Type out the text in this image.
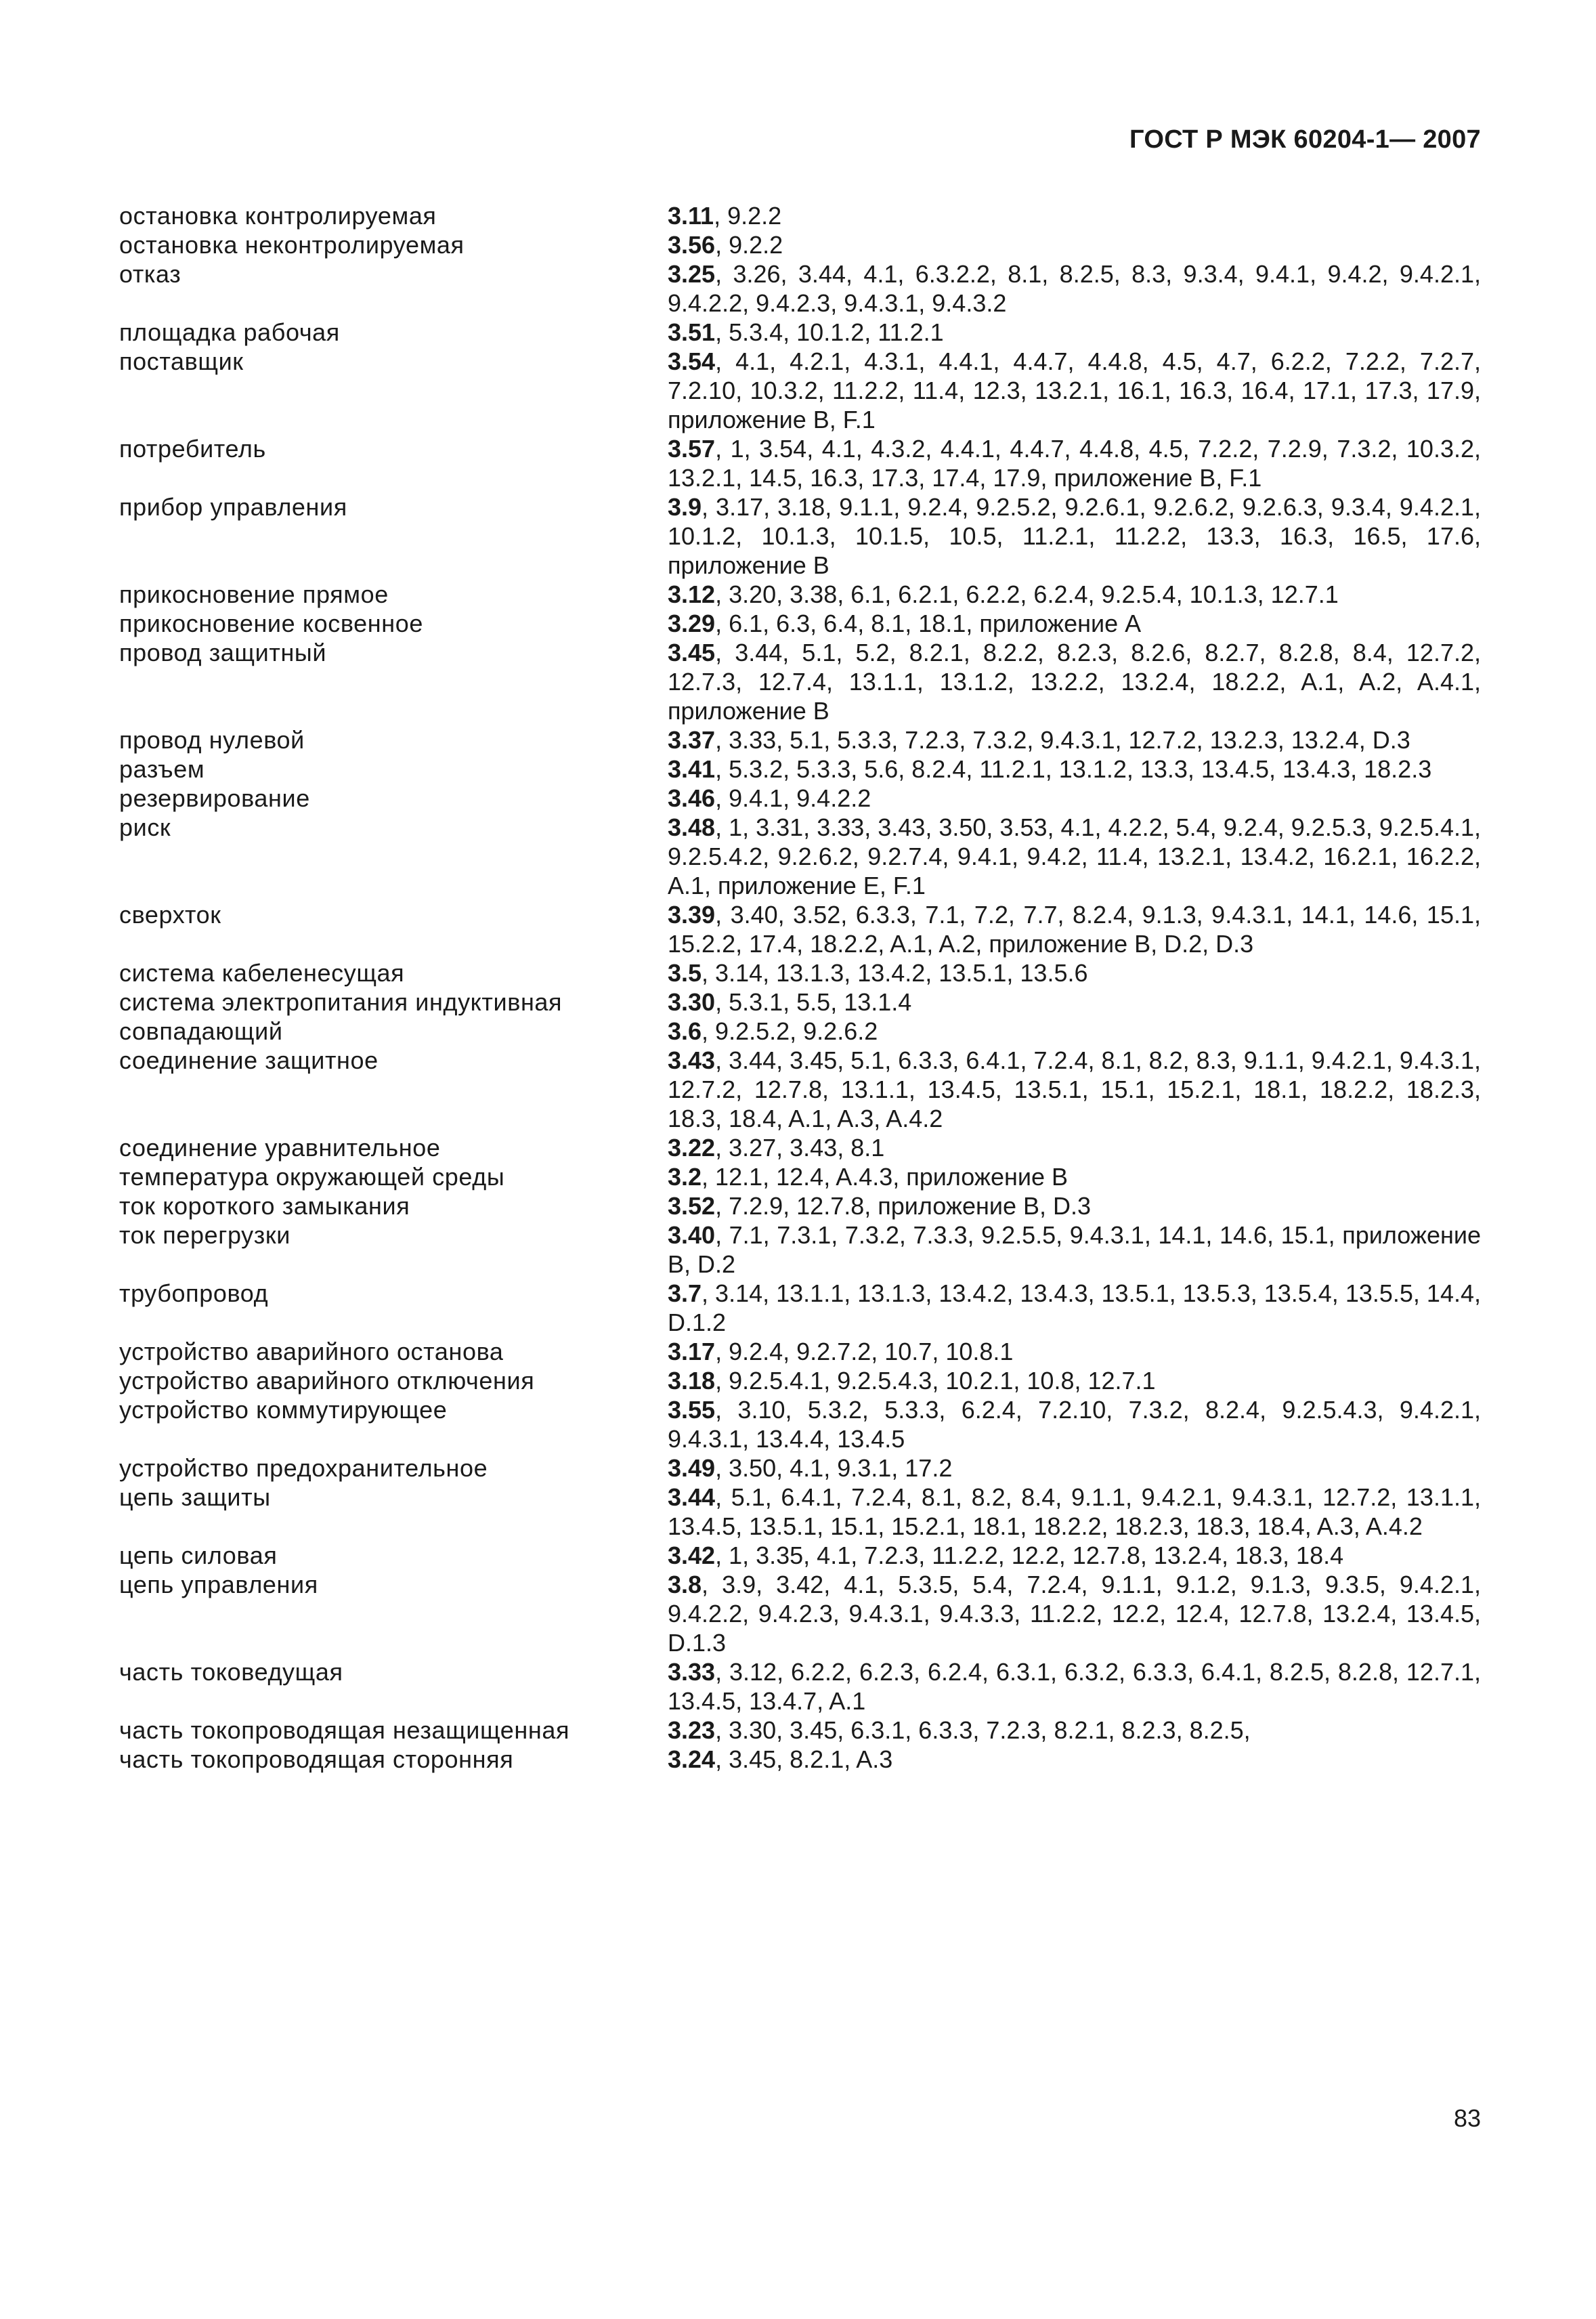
ГОСТ Р МЭК 60204-1— 2007
остановка контролируемая	3.11, 9.2.2
остановка неконтролируемая	3.56, 9.2.2
отказ	3.25, 3.26, 3.44, 4.1, 6.3.2.2, 8.1, 8.2.5, 8.3, 9.3.4, 9.4.1, 9.4.2, 9.4.2.1, 9.4.2.2, 9.4.2.3, 9.4.3.1, 9.4.3.2
площадка рабочая	3.51, 5.3.4, 10.1.2, 11.2.1
поставщик	3.54, 4.1, 4.2.1, 4.3.1, 4.4.1, 4.4.7, 4.4.8, 4.5, 4.7, 6.2.2, 7.2.2, 7.2.7, 7.2.10, 10.3.2, 11.2.2, 11.4, 12.3, 13.2.1, 16.1, 16.3, 16.4, 17.1, 17.3, 17.9, приложение B, F.1
потребитель	3.57, 1, 3.54, 4.1, 4.3.2, 4.4.1, 4.4.7, 4.4.8, 4.5, 7.2.2, 7.2.9, 7.3.2, 10.3.2, 13.2.1, 14.5, 16.3, 17.3, 17.4, 17.9, приложение B, F.1
прибор управления	3.9, 3.17, 3.18, 9.1.1, 9.2.4, 9.2.5.2, 9.2.6.1, 9.2.6.2, 9.2.6.3, 9.3.4, 9.4.2.1, 10.1.2, 10.1.3, 10.1.5, 10.5, 11.2.1, 11.2.2, 13.3, 16.3, 16.5, 17.6, приложение B
прикосновение прямое	3.12, 3.20, 3.38, 6.1, 6.2.1, 6.2.2, 6.2.4, 9.2.5.4, 10.1.3, 12.7.1
прикосновение косвенное	3.29, 6.1, 6.3, 6.4, 8.1, 18.1, приложение А
провод защитный	3.45, 3.44, 5.1, 5.2, 8.2.1, 8.2.2, 8.2.3, 8.2.6, 8.2.7, 8.2.8, 8.4, 12.7.2, 12.7.3, 12.7.4, 13.1.1, 13.1.2, 13.2.2, 13.2.4, 18.2.2, A.1, A.2, A.4.1, приложение B
провод нулевой	3.37, 3.33, 5.1, 5.3.3, 7.2.3, 7.3.2, 9.4.3.1, 12.7.2, 13.2.3, 13.2.4, D.3
разъем	3.41, 5.3.2, 5.3.3, 5.6, 8.2.4, 11.2.1, 13.1.2, 13.3, 13.4.5, 13.4.3, 18.2.3
резервирование	3.46, 9.4.1, 9.4.2.2
риск	3.48, 1, 3.31, 3.33, 3.43, 3.50, 3.53, 4.1, 4.2.2, 5.4, 9.2.4, 9.2.5.3, 9.2.5.4.1, 9.2.5.4.2, 9.2.6.2, 9.2.7.4, 9.4.1, 9.4.2, 11.4, 13.2.1, 13.4.2, 16.2.1, 16.2.2, A.1, приложение E, F.1
сверхток	3.39, 3.40, 3.52, 6.3.3, 7.1, 7.2, 7.7, 8.2.4, 9.1.3, 9.4.3.1, 14.1, 14.6, 15.1, 15.2.2, 17.4, 18.2.2, A.1, A.2, приложение B, D.2, D.3
система кабеленесущая	3.5, 3.14, 13.1.3, 13.4.2, 13.5.1, 13.5.6
система электропитания индуктивная	3.30, 5.3.1, 5.5, 13.1.4
совпадающий	3.6, 9.2.5.2, 9.2.6.2
соединение защитное	3.43, 3.44, 3.45, 5.1, 6.3.3, 6.4.1, 7.2.4, 8.1, 8.2, 8.3, 9.1.1, 9.4.2.1, 9.4.3.1, 12.7.2, 12.7.8, 13.1.1, 13.4.5, 13.5.1, 15.1, 15.2.1, 18.1, 18.2.2, 18.2.3, 18.3, 18.4, A.1, A.3, A.4.2
соединение уравнительное	3.22, 3.27, 3.43, 8.1
температура окружающей среды	3.2, 12.1, 12.4, A.4.3, приложение B
ток короткого замыкания	3.52, 7.2.9, 12.7.8, приложение B, D.3
ток перегрузки	3.40, 7.1, 7.3.1, 7.3.2, 7.3.3, 9.2.5.5, 9.4.3.1, 14.1, 14.6, 15.1, приложение B, D.2
трубопровод	3.7, 3.14, 13.1.1, 13.1.3, 13.4.2, 13.4.3, 13.5.1, 13.5.3, 13.5.4, 13.5.5, 14.4, D.1.2
устройство аварийного останова	3.17, 9.2.4, 9.2.7.2, 10.7, 10.8.1
устройство аварийного отключения	3.18, 9.2.5.4.1, 9.2.5.4.3, 10.2.1, 10.8, 12.7.1
устройство коммутирующее	3.55, 3.10, 5.3.2, 5.3.3, 6.2.4, 7.2.10, 7.3.2, 8.2.4, 9.2.5.4.3, 9.4.2.1, 9.4.3.1, 13.4.4, 13.4.5
устройство предохранительное	3.49, 3.50, 4.1, 9.3.1, 17.2
цепь защиты	3.44, 5.1, 6.4.1, 7.2.4, 8.1, 8.2, 8.4, 9.1.1, 9.4.2.1, 9.4.3.1, 12.7.2, 13.1.1, 13.4.5, 13.5.1, 15.1, 15.2.1, 18.1, 18.2.2, 18.2.3, 18.3, 18.4, A.3, A.4.2
цепь силовая	3.42, 1, 3.35, 4.1, 7.2.3, 11.2.2, 12.2, 12.7.8, 13.2.4, 18.3, 18.4
цепь управления	3.8, 3.9, 3.42, 4.1, 5.3.5, 5.4, 7.2.4, 9.1.1, 9.1.2, 9.1.3, 9.3.5, 9.4.2.1, 9.4.2.2, 9.4.2.3, 9.4.3.1, 9.4.3.3, 11.2.2, 12.2, 12.4, 12.7.8, 13.2.4, 13.4.5, D.1.3
часть токоведущая	3.33, 3.12, 6.2.2, 6.2.3, 6.2.4, 6.3.1, 6.3.2, 6.3.3, 6.4.1, 8.2.5, 8.2.8, 12.7.1, 13.4.5, 13.4.7, A.1
часть токопроводящая незащищенная	3.23, 3.30, 3.45, 6.3.1, 6.3.3, 7.2.3, 8.2.1, 8.2.3, 8.2.5,
часть токопроводящая сторонняя	3.24, 3.45, 8.2.1, A.3
83
